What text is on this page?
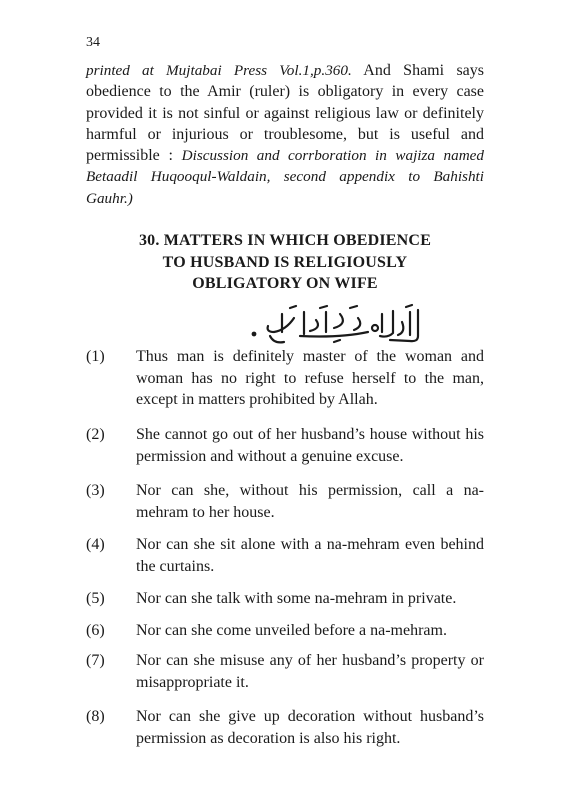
34
printed at Mujtabai Press Vol.1,p.360. And Shami says obedience to the Amir (ruler) is obligatory in every case provided it is not sinful or against religious law or definitely harmful or injurious or troublesome, but is useful and permissible : Discussion and corrboration in wajiza named Betaadil Huqooqul-Waldain, second appendix to Bahishti Gauhr.)
30. MATTERS IN WHICH OBEDIENCE
TO HUSBAND IS RELIGIOUSLY
OBLIGATORY ON WIFE
(1)	Thus man is definitely master of the woman and woman has no right to refuse herself to the man, except in matters prohibited by Allah.
(2)	She cannot go out of her husband’s house without his permission and without a genuine excuse.
(3)	Nor can she, without his permission, call a na-mehram to her house.
(4)	Nor can she sit alone with a na-mehram even behind the curtains.
(5)	Nor can she talk with some na-mehram in private.
(6)	Nor can she come unveiled before a na-mehram.
(7)	Nor can she misuse any of her husband’s property or misappropriate it.
(8)	Nor can she give up decoration without husband’s permission as decoration is also his right.
